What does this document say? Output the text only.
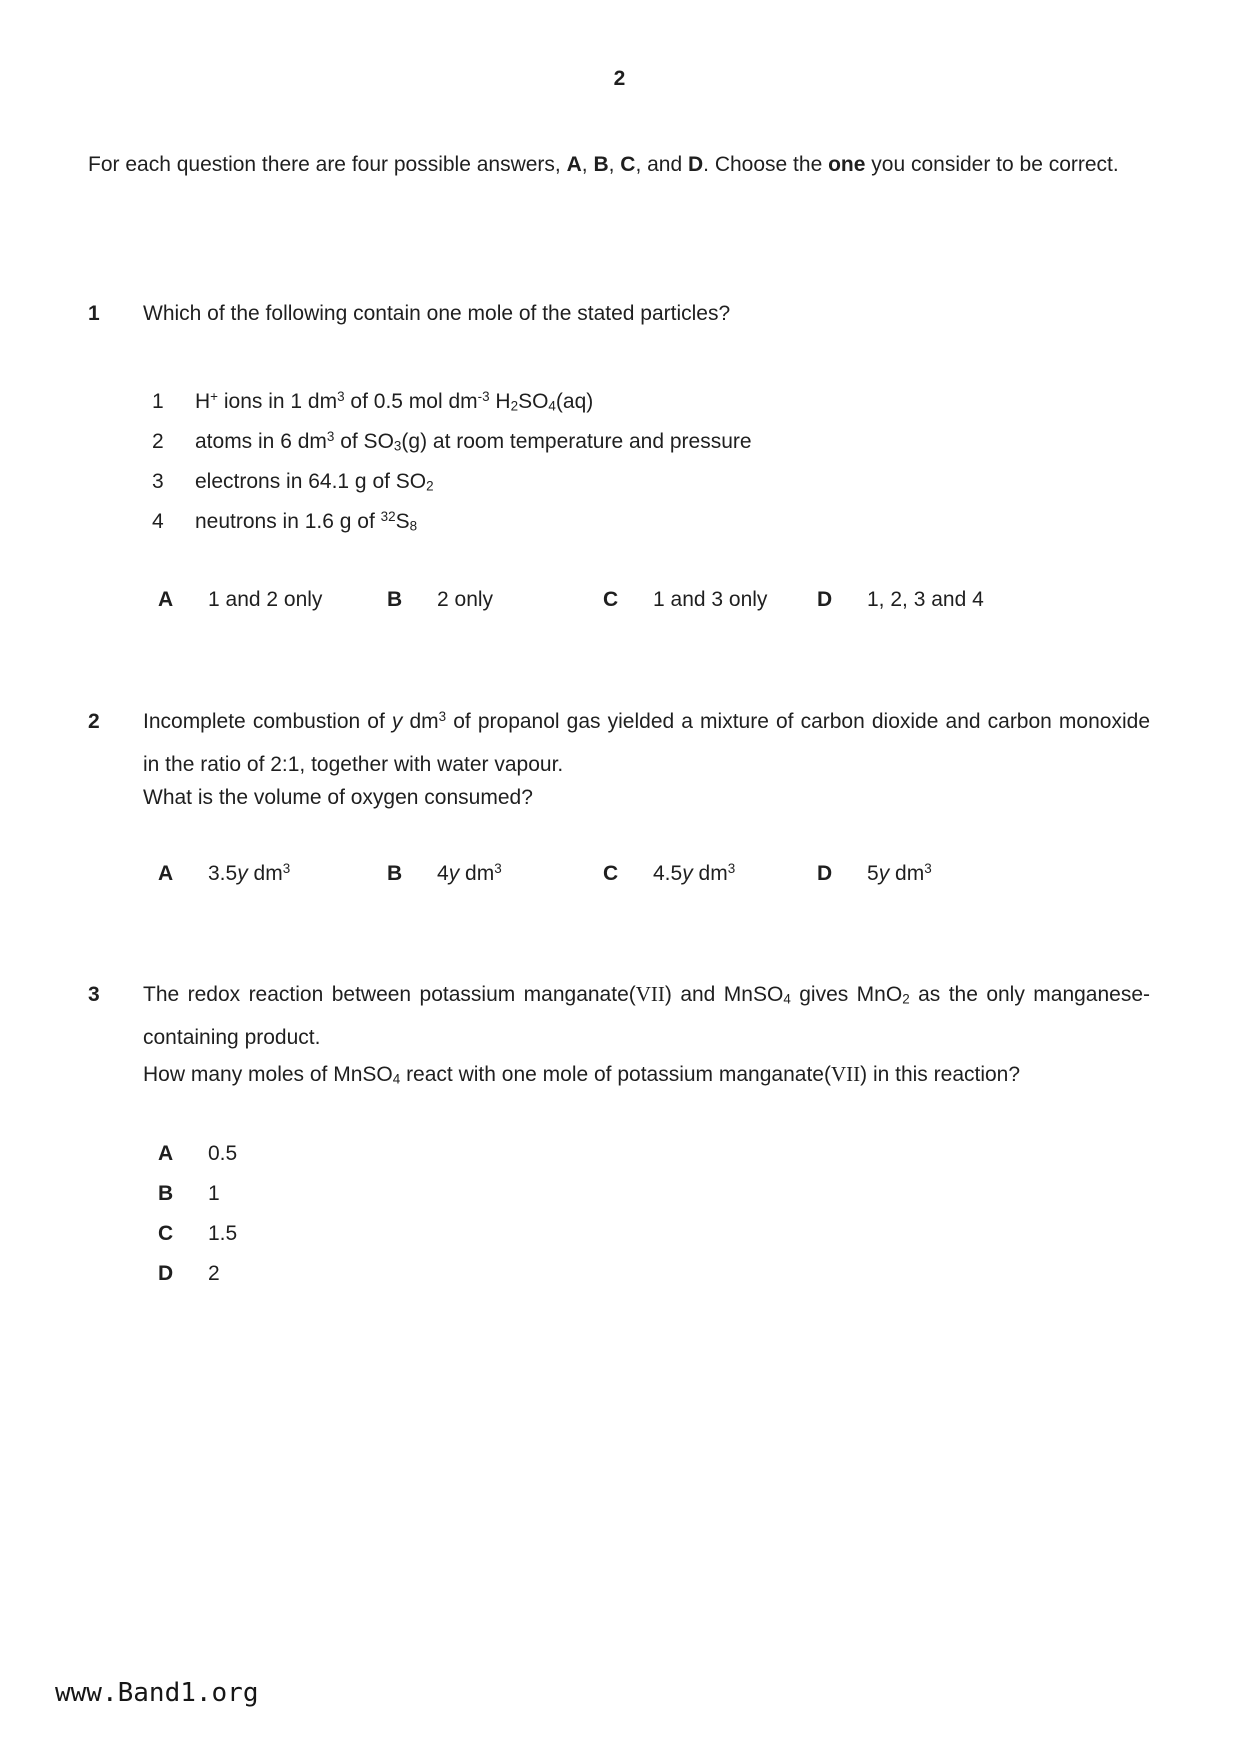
2

For each question there are four possible answers, A, B, C, and D. Choose the one you consider to be correct.

1 Which of the following contain one mole of the stated particles?

1 H+ ions in 1 $dm^3$ of 0.5 mol $dm^{-3}$ H2SO4(aq)
2 atoms in 6 $dm^3$ of SO3(g) at room temperature and pressure
3 electrons in 64.1 g of SO2
4 neutrons in 1.6 g of $^{32}$S8
A 1 and 2 only	B 2 only	C 1 and 3 only D 1, 2, 3 and 4
2 Incomplete combustion of y $dm^3$ of propanol gas yielded a mixture of carbon dioxide and carbon monoxide in the ratio of 2:1, together with water vapour.

What is the volume of oxygen consumed?

A 3.5y $dm^3$	B 4y $dm^3$	C 4.5y $dm^3$	D 5y $dm^3$
3 The redox reaction between potassium manganate(VII) and MnSO4 gives MnO2 as the only manganese-containing product.

How many moles of MnSO4 react with one mole of potassium manganate(VII) in this reaction?

A 0.5
B 1
C 1.5
D 2
www.Band1.org
